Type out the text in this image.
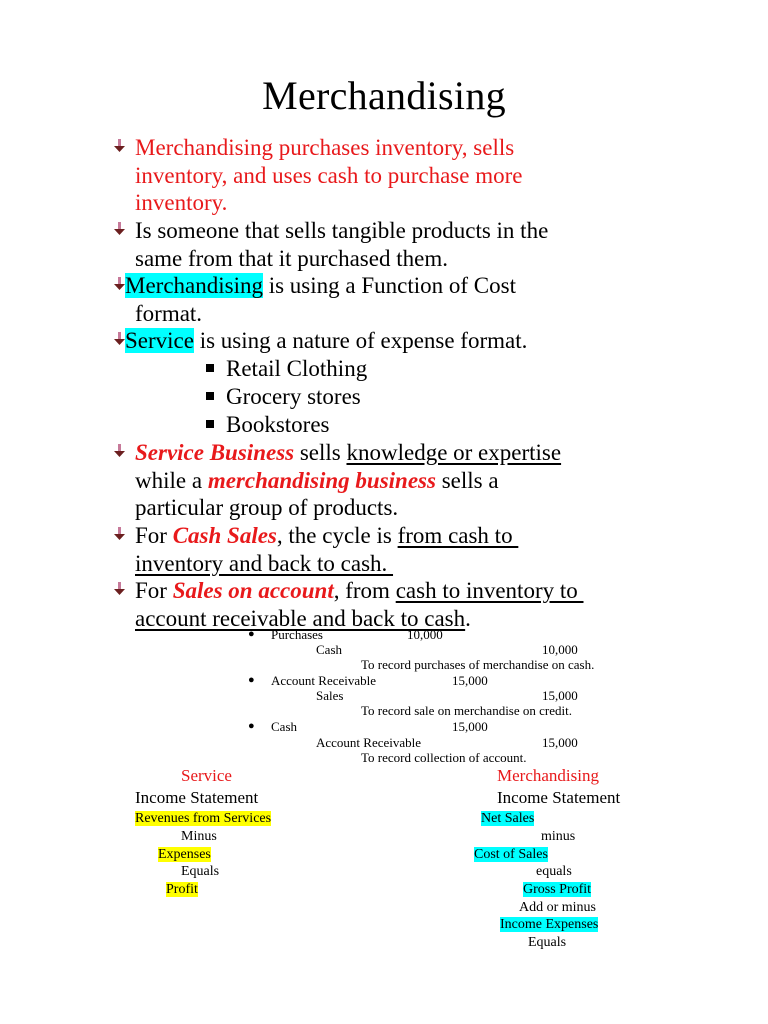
Merchandising
Merchandising purchases inventory, sells
inventory, and uses cash to purchase more
inventory.
Is someone that sells tangible products in the
same from that it purchased them.
Merchandising is using a Function of Cost
format.
Service is using a nature of expense format.
Retail Clothing
Grocery stores
Bookstores
Service Business sells knowledge or expertise
while a merchandising business sells a
particular group of products.
For Cash Sales, the cycle is from cash to
inventory and back to cash.
For Sales on account, from cash to inventory to
account receivable and back to cash.
● Purchases	10,000
Cash	10,000
To record purchases of merchandise on cash.
● Account Receivable	15,000
Sales	15,000
To record sale on merchandise on credit.
● Cash	15,000
Account Receivable	15,000
To record collection of account.
Service
Income Statement
Revenues from Services
Minus
Expenses
Equals
Profit
Merchandising
Income Statement
Net Sales
minus
Cost of Sales
equals
Gross Profit
Add or minus
Income Expenses
Equals
